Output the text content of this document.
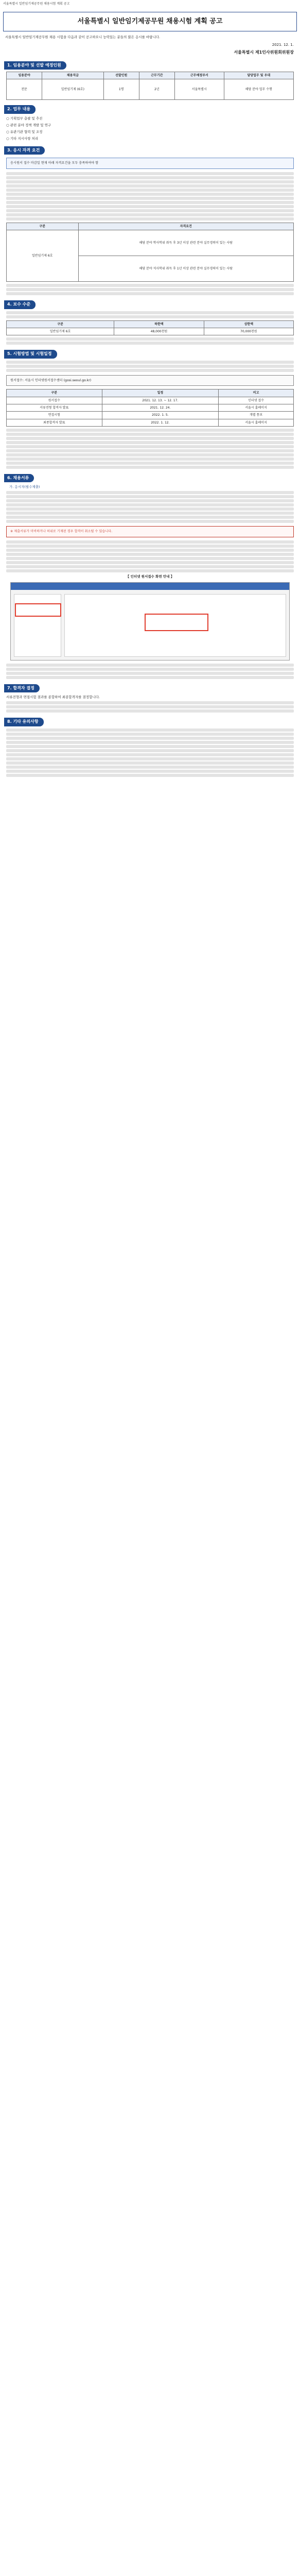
서울특별시 일반임기제공무원 채용시험 계획 공고
서울특별시 일반임기제공무원 채용시험 계획 공고
서울특별시 일반임기제공무원 채용 시험을 다음과 같이 공고하오니 능력있는 분들의 많은 응시를 바랍니다.
2021. 12. 1.
서울특별시 제1인사위원회위원장
1. 임용분야 및 선발 예정인원
임용분야	채용직급	선발인원	근무기간	근무예정부서	담당업무 및 우대
전문	일반임기제 (6호)	1명	2년	서울특별시	해당 분야 업무 수행
2. 업무 내용
○ 기획업무 총괄 및 추진
○ 관련 분야 정책 개발 및 연구
○ 유관기관 협력 및 조정
○ 기타 지시사항 처리
3. 응시 자격 요건
응시원서 접수 마감일 현재 아래 자격요건을 모두 충족하여야 함
구분	자격요건
일반임기제 6호	해당 분야 학사학위 취득 후 3년 이상 관련 분야 실무경력이 있는 사람
	해당 분야 석사학위 취득 후 1년 이상 관련 분야 실무경력이 있는 사람
4. 보수 수준
구분	하한액	상한액
일반임기제 6호	48,000천원	70,000천원
5. 시험방법 및 시험일정
원서접수: 서울시 인터넷원서접수센터 (gosi.seoul.go.kr)
구분	일정	비고
원서접수	2021. 12. 13. ~ 12. 17.	인터넷 접수
서류전형 합격자 발표	2021. 12. 24.	서울시 홈페이지
면접시험	2022. 1. 5.	개별 통보
최종합격자 발표	2022. 1. 12.	서울시 홈페이지
6. 채용서류
가. 응시자(필수제출)
※ 제출서류가 미비하거나 허위로 기재된 경우 합격이 취소될 수 있습니다.
【 인터넷 원서접수 화면 안내 】
7. 합격자 결정
서류전형과 면접시험 결과를 종합하여 최종합격자를 결정합니다.
8. 기타 유의사항
